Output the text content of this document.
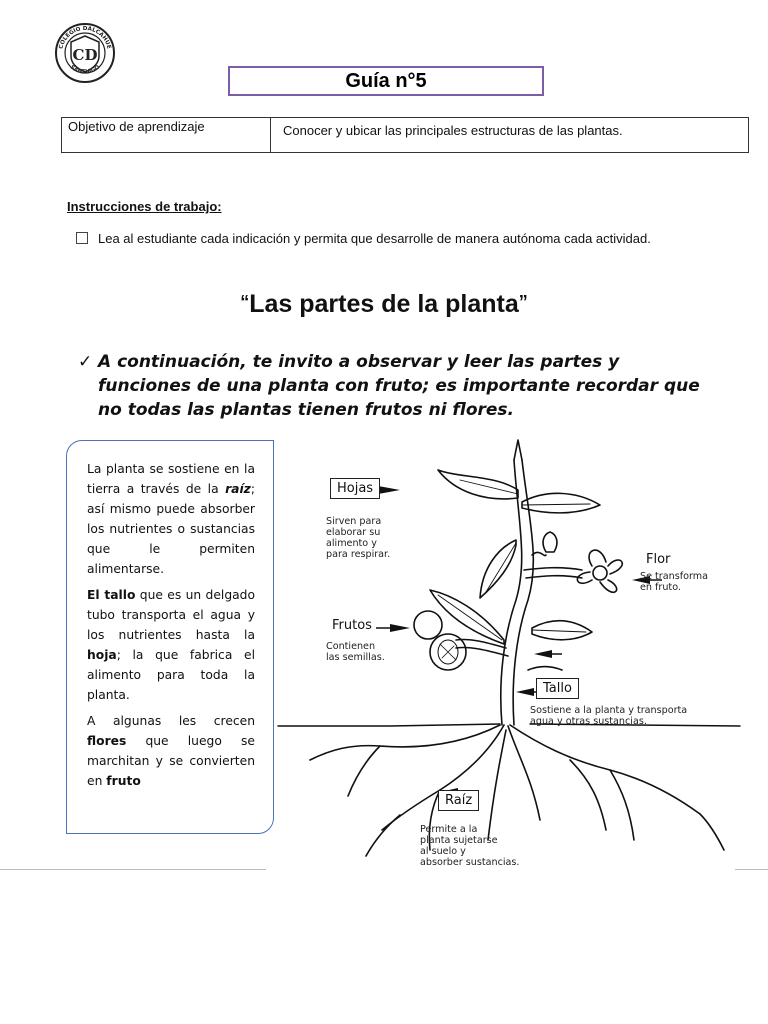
CD
COLEGIO DALCAHUE
SANTIAGO
Guía n°5
Objetivo de aprendizaje	Conocer y ubicar las principales estructuras de las plantas.
Instrucciones de trabajo:
Lea al estudiante cada indicación y permita que desarrolle de manera autónoma cada actividad.
“Las partes de la planta”
✓ A continuación, te invito a observar y leer las partes y funciones de una planta con fruto; es importante recordar que no todas las plantas tienen frutos ni flores.

La planta se sostiene en la tierra a través de la raíz; así mismo puede absorber los nutrientes o sustancias que le permiten alimentarse.

El tallo que es un delgado tubo transporta el agua y los nutrientes hasta la hoja; la que fabrica el alimento para toda la planta.

A algunas les crecen flores que luego se marchitan y se convierten en fruto

Hojas
Sirven para
elaborar su
alimento y
para respirar.	Flor
Se transforma
en fruto.
Frutos
Contienen
las semillas.
Tallo
Sostiene a la planta y transporta
agua y otras sustancias.
Raíz
Permite a la
planta sujetarse
al suelo y
absorber sustancias.
